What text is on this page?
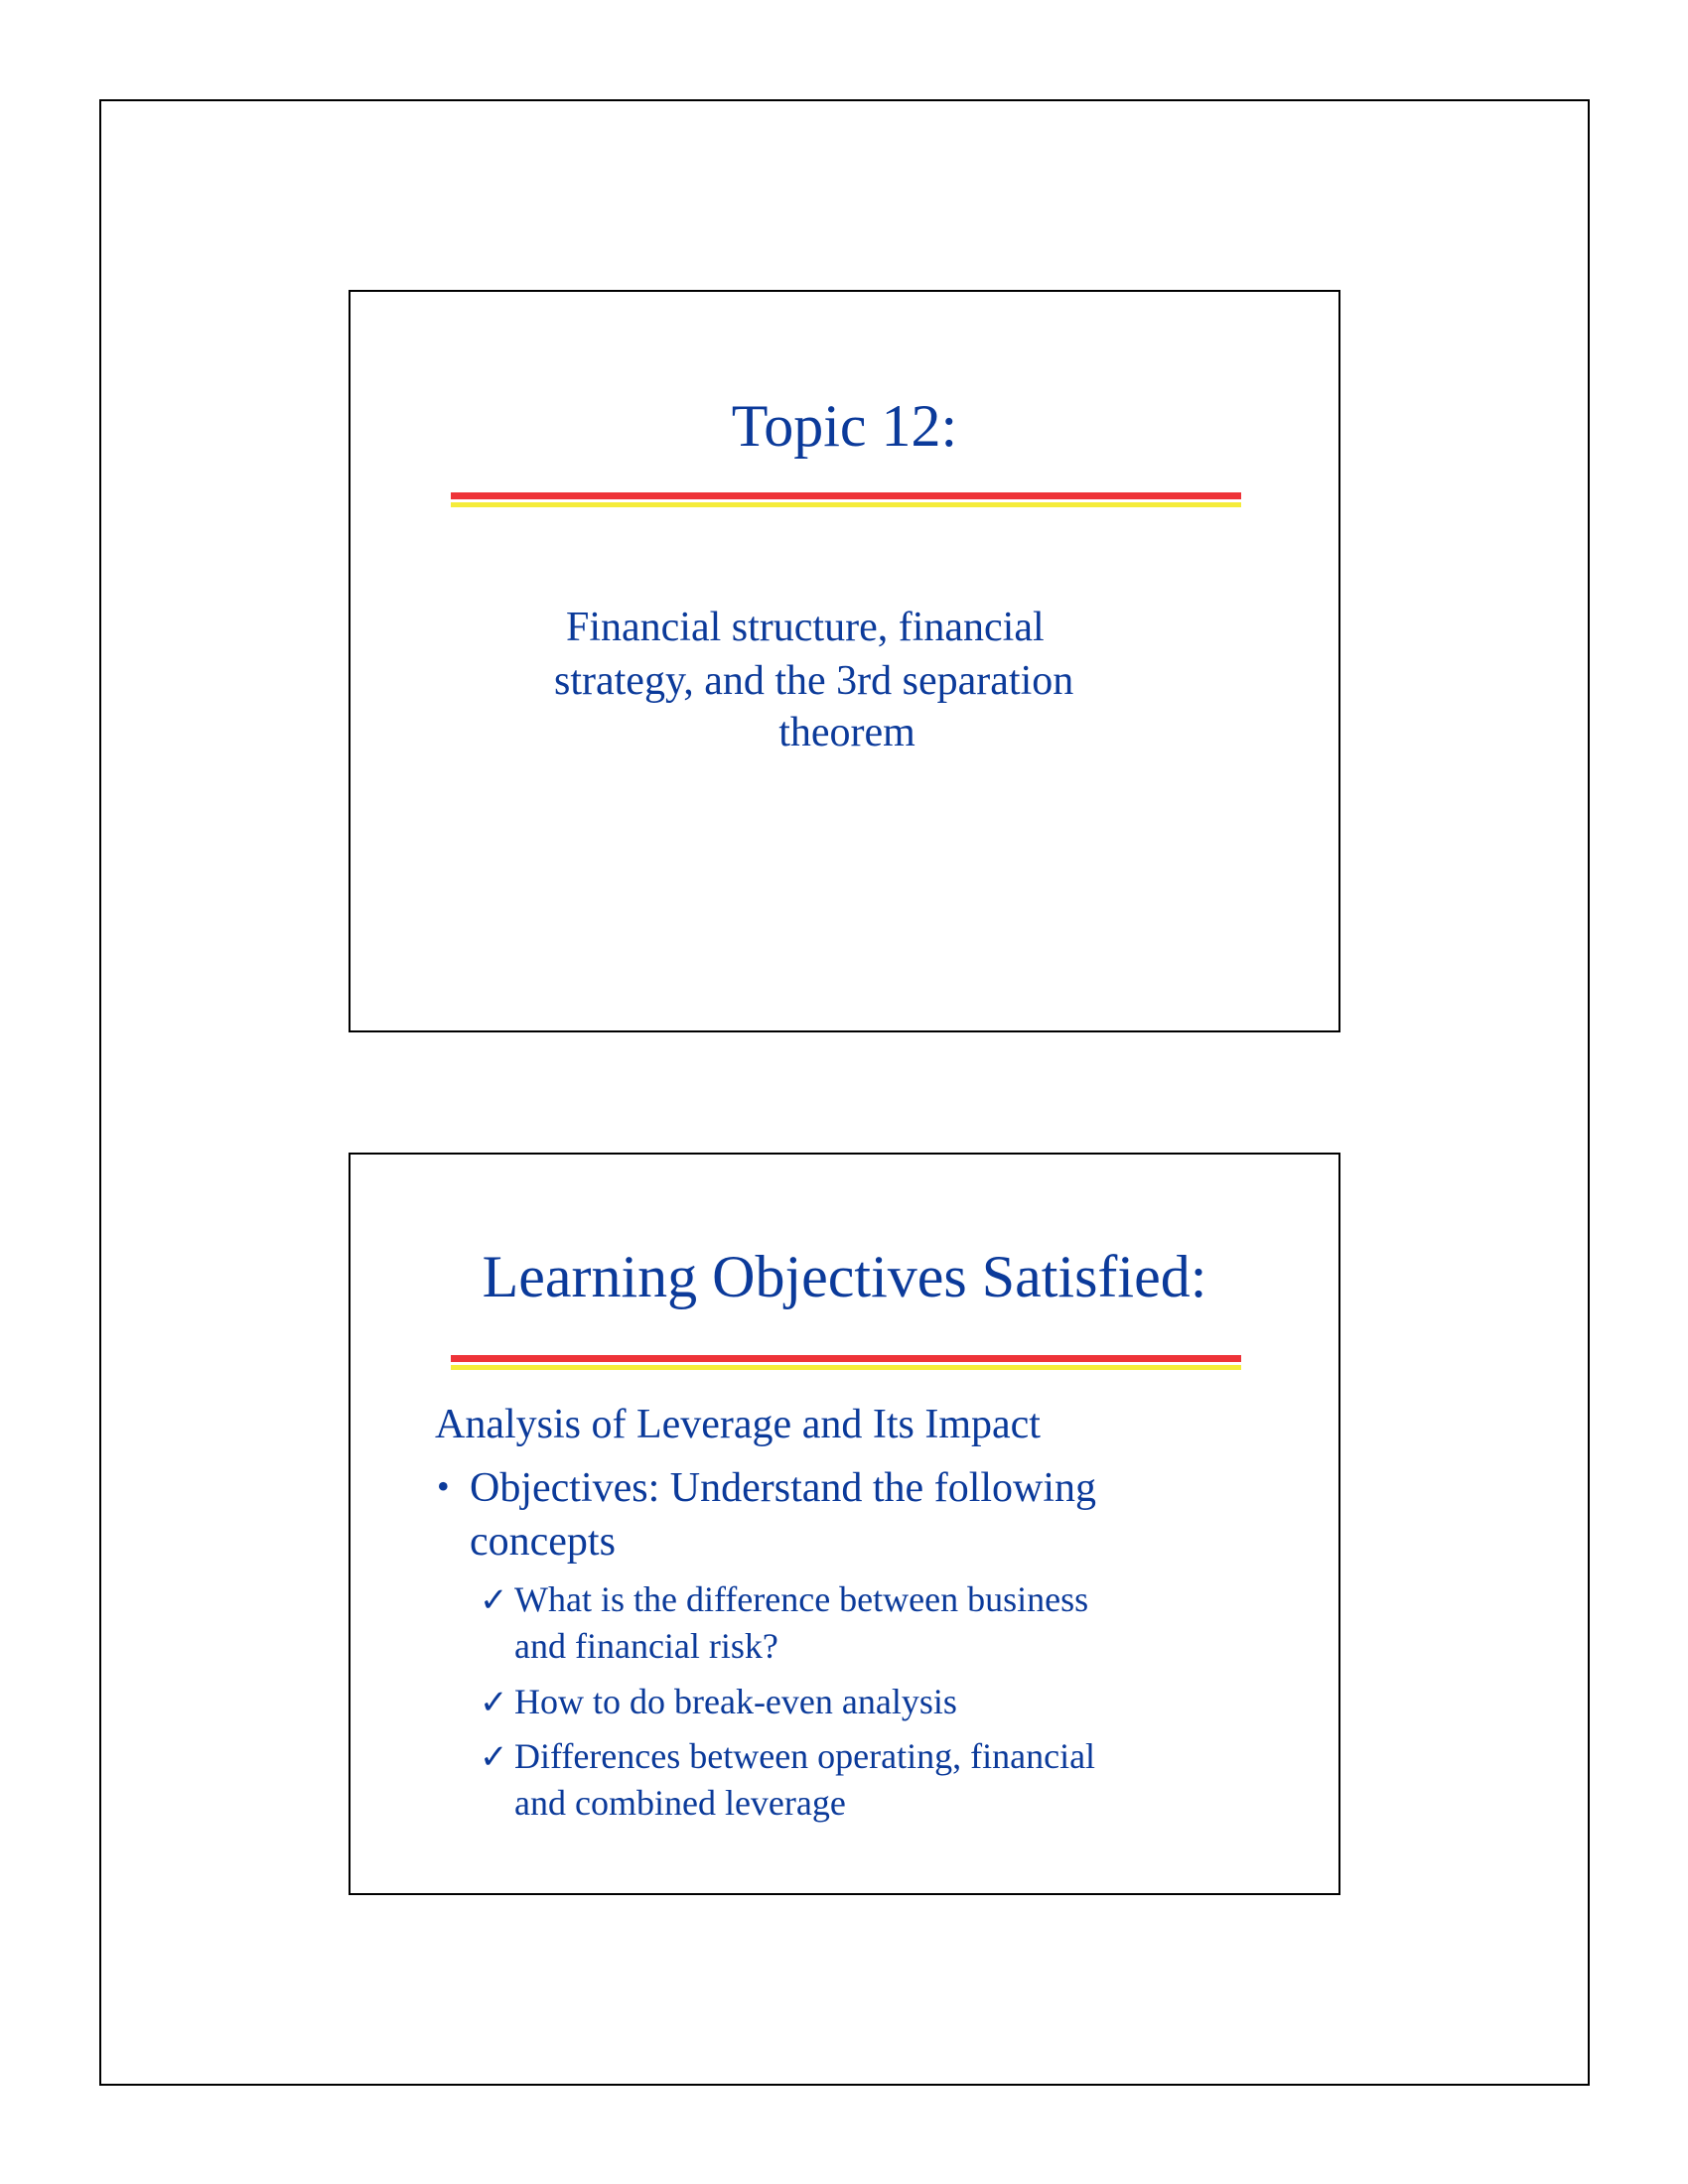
Topic 12:
Financial structure, financial
strategy, and the 3rd separation
theorem
Learning Objectives Satisfied:
Analysis of Leverage and Its Impact
• Objectives: Understand the following
concepts
✓ What is the difference between business
and financial risk?
✓ How to do break-even analysis
✓ Differences between operating, financial
and combined leverage
